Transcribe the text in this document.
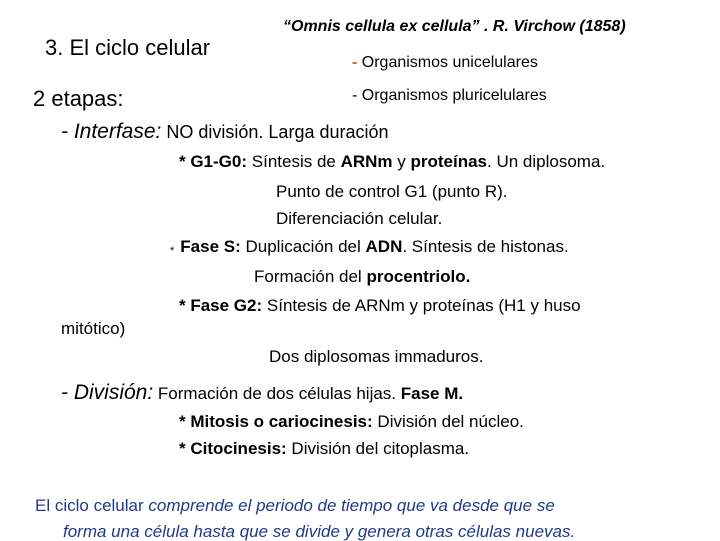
3. El ciclo celular
“Omnis cellula ex cellula” . R. Virchow (1858)
- Organismos unicelulares
- Organismos pluricelulares
2 etapas:
- Interfase: NO división. Larga duración
* G1-G0: Síntesis de ARNm y proteínas. Un diplosoma.
Punto de control G1 (punto R).
Diferenciación celular.
* Fase S: Duplicación del ADN. Síntesis de histonas.
Formación del procentriolo.
* Fase G2: Síntesis de ARNm y proteínas (H1 y huso
mitótico)
Dos diplosomas immaduros.
- División: Formación de dos células hijas. Fase M.
* Mitosis o cariocinesis: División del núcleo.
* Citocinesis: División del citoplasma.
El ciclo celular comprende el periodo de tiempo que va desde que se
forma una célula hasta que se divide y genera otras células nuevas.
